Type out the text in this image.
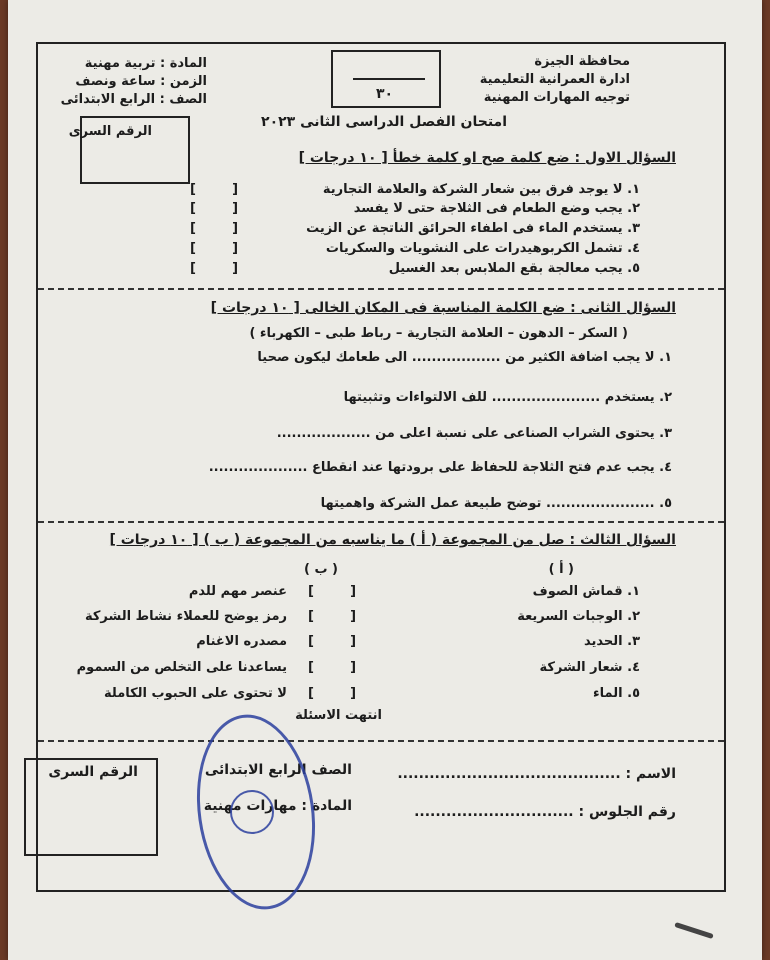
محافظة الجيزة
ادارة العمرانية التعليمية
توجيه المهارات المهنية
المادة : تربية مهنية
الزمن : ساعة ونصف
الصف : الرابع الابتدائى	٣٠
امتحان الفصل الدراسى الثانى ٢٠٢٣
الرقم السرى
السؤال الاول : ضع كلمة صح او كلمة خطأ [ ١٠ درجات ]
١. لا يوجد فرق بين شعار الشركة والعلامة التجارية
٢. يجب وضع الطعام فى الثلاجة حتى لا يفسد
٣. يستخدم الماء فى اطفاء الحرائق الناتجة عن الزيت
٤. تشمل الكربوهيدرات على النشويات والسكريات
٥. يجب معالجة بقع الملابس بعد الغسيل
[        ]
[        ]
[        ]
[        ]
[        ]
السؤال الثانى : ضع الكلمة المناسبة فى المكان الخالى [ ١٠ درجات ]
( السكر – الدهون – العلامة التجارية – رباط طبى – الكهرباء )
١. لا يجب اضافة الكثير من .................. الى طعامك ليكون صحيا
٢. يستخدم ...................... للف الالتواءات وتثبيتها
٣. يحتوى الشراب الصناعى على نسبة اعلى من ...................
٤. يجب عدم فتح الثلاجة للحفاظ على برودتها عند انقطاع ....................
٥. ...................... توضح طبيعة عمل الشركة واهميتها
السؤال الثالث : صل من المجموعة ( أ ) ما يناسبه من المجموعة ( ب ) [ ١٠ درجات ]
( أ )
( ب )
١. قماش الصوف
٢. الوجبات السريعة
٣. الحديد
٤. شعار الشركة
٥. الماء
[        ]
[        ]
[        ]
[        ]
[        ]
عنصر مهم للدم
رمز يوضح للعملاء نشاط الشركة
مصدره الاغنام
يساعدنا على التخلص من السموم
لا تحتوى على الحبوب الكاملة
انتهت الاسئلة
الاسم : ..........................................
الصف الرابع الابتدائى
رقم الجلوس : ..............................
المادة : مهارات مهنية
الرقم السرى
